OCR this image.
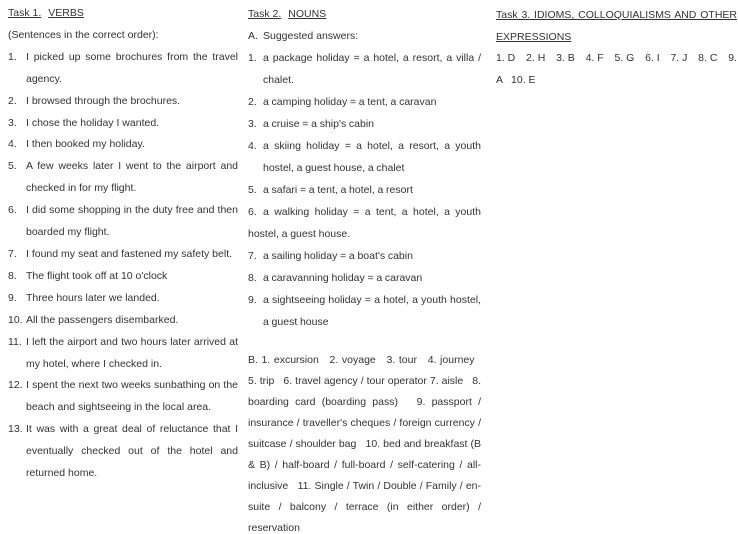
Task 1. VERBS
(Sentences in the correct order):
1. I picked up some brochures from the travel agency.
2. I browsed through the brochures.
3. I chose the holiday I wanted.
4. I then booked my holiday.
5. A few weeks later I went to the airport and checked in for my flight.
6. I did some shopping in the duty free and then boarded my flight.
7. I found my seat and fastened my safety belt.
8. The flight took off at 10 o'clock
9. Three hours later we landed.
10. All the passengers disembarked.
11. I left the airport and two hours later arrived at my hotel, where I checked in.
12. I spent the next two weeks sunbathing on the beach and sightseeing in the local area.
13. It was with a great deal of reluctance that I eventually checked out of the hotel and returned home.
Task 2. NOUNS
A. Suggested answers:
1. a package holiday = a hotel, a resort, a villa / chalet.
2. a camping holiday = a tent, a caravan
3. a cruise = a ship's cabin
4. a skiing holiday = a hotel, a resort, a youth hostel, a guest house, a chalet
5. a safari = a tent, a hotel, a resort
6. a walking holiday = a tent, a hotel, a youth hostel, a guest house.
7. a sailing holiday = a boat's cabin
8. a caravanning holiday = a caravan
9. a sightseeing holiday = a hotel, a youth hostel, a guest house
B. 1. excursion   2. voyage   3. tour   4. journey   5. trip   6. travel agency / tour operator 7. aisle   8. boarding card (boarding pass)   9. passport / insurance / traveller's cheques / foreign currency / suitcase / shoulder bag   10. bed and breakfast (B & B) / half-board / full-board / self-catering / all-inclusive   11. Single / Twin / Double / Family / en-suite / balcony / terrace (in either order) / reservation
Task 3. IDIOMS, COLLOQUIALISMS AND OTHER
EXPRESSIONS
1. D 2. H 3. B 4. F 5. G 6. I 7. J 8. C 9.
A 10. E
